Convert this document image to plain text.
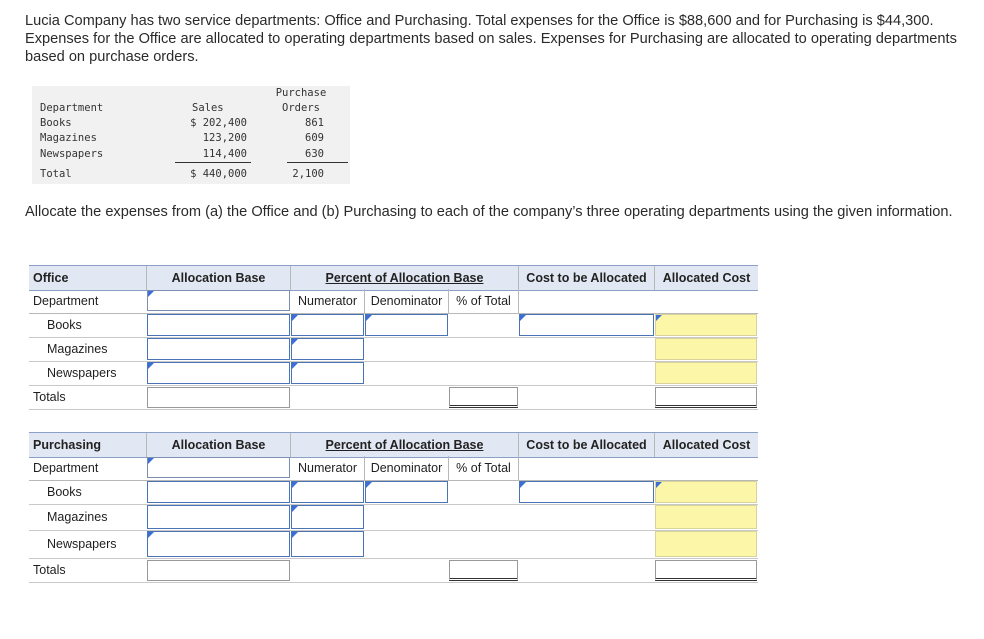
Lucia Company has two service departments: Office and Purchasing. Total expenses for the Office is $88,600 and for Purchasing is $44,300. Expenses for the Office are allocated to operating departments based on sales. Expenses for Purchasing are allocated to operating departments based on purchase orders.
Department	Sales
Purchase
Orders
Books	$ 202,400	861
Magazines	123,200	609
Newspapers	114,400	630
Total	$ 440,000	2,100
Allocate the expenses from (a) the Office and (b) Purchasing to each of the company’s three operating departments using the given information.
Office	Allocation Base	Percent of Allocation Base	Cost to be Allocated	Allocated Cost
Department	Numerator	Denominator	% of Total
Books
Magazines
Newspapers
Totals
Purchasing	Allocation Base	Percent of Allocation Base	Cost to be Allocated	Allocated Cost
Department	Numerator	Denominator	% of Total
Books
Magazines
Newspapers
Totals
